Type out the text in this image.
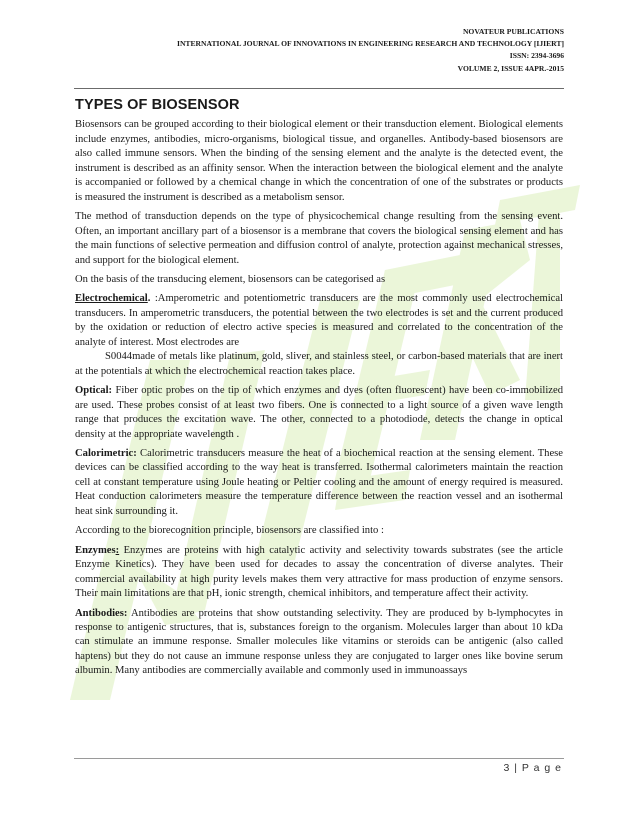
NOVATEUR PUBLICATIONS
INTERNATIONAL JOURNAL OF INNOVATIONS IN ENGINEERING RESEARCH AND TECHNOLOGY [IJIERT]
ISSN: 2394-3696
VOLUME 2, ISSUE 4APR.-2015
TYPES OF BIOSENSOR

Biosensors can be grouped according to their biological element or their transduction element. Biological elements include enzymes, antibodies, micro-organisms, biological tissue, and organelles. Antibody-based biosensors are also called immune sensors. When the binding of the sensing element and the analyte is the detected event, the instrument is described as an affinity sensor. When the interaction between the biological element and the analyte is accompanied or followed by a chemical change in which the concentration of one of the substrates or products is measured the instrument is described as a metabolism sensor.

The method of transduction depends on the type of physicochemical change resulting from the sensing event. Often, an important ancillary part of a biosensor is a membrane that covers the biological sensing element and has the main functions of selective permeation and diffusion control of analyte, protection against mechanical stresses, and support for the biological element.

On the basis of the transducing element, biosensors can be categorised as

Electrochemical. :Amperometric and potentiometric transducers are the most commonly used electrochemical transducers. In amperometric transducers, the potential between the two electrodes is set and the current produced by the oxidation or reduction of electro active species is measured and correlated to the concentration of the analyte of interest. Most electrodes are

S0044made of metals like platinum, gold, sliver, and stainless steel, or carbon-based materials that are inert at the potentials at which the electrochemical reaction takes place.

Optical: Fiber optic probes on the tip of which enzymes and dyes (often fluorescent) have been co-immobilized are used. These probes consist of at least two fibers. One is connected to a light source of a given wave length range that produces the excitation wave. The other, connected to a photodiode, detects the change in optical density at the appropriate wavelength .

Calorimetric: Calorimetric transducers measure the heat of a biochemical reaction at the sensing element. These devices can be classified according to the way heat is transferred. Isothermal calorimeters maintain the reaction cell at constant temperature using Joule heating or Peltier cooling and the amount of energy required is measured. Heat conduction calorimeters measure the temperature difference between the reaction vessel and an isothermal heat sink surrounding it.

According to the biorecognition principle, biosensors are classified into :

Enzymes: Enzymes are proteins with high catalytic activity and selectivity towards substrates (see the article Enzyme Kinetics). They have been used for decades to assay the concentration of diverse analytes. Their commercial availability at high purity levels makes them very attractive for mass production of enzyme sensors. Their main limitations are that pH, ionic strength, chemical inhibitors, and temperature affect their activity.

Antibodies: Antibodies are proteins that show outstanding selectivity. They are produced by b-lymphocytes in response to antigenic structures, that is, substances foreign to the organism. Molecules larger than about 10 kDa can stimulate an immune response. Smaller molecules like vitamins or steroids can be antigenic (also called haptens) but they do not cause an immune response unless they are conjugated to larger ones like bovine serum albumin. Many antibodies are commercially available and commonly used in immunoassays

3 | P a g e
